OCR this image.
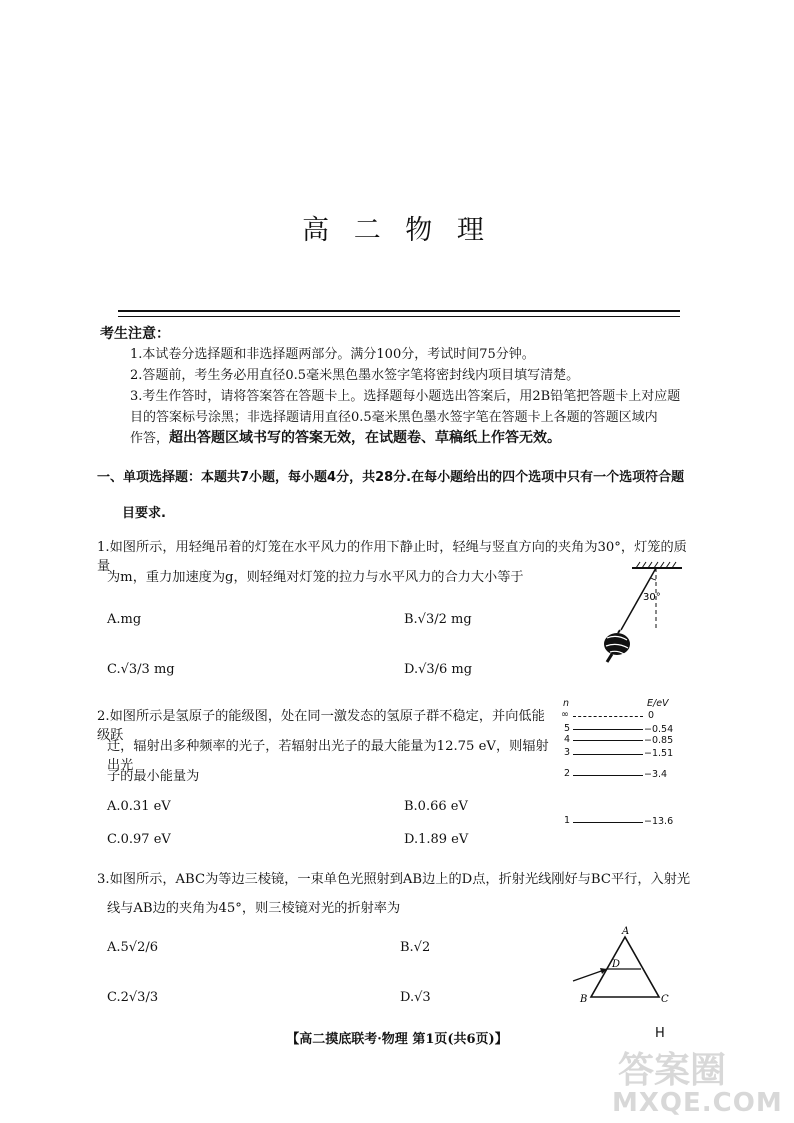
高 二 物 理
考生注意：
1.本试卷分选择题和非选择题两部分。满分100分，考试时间75分钟。
2.答题前，考生务必用直径0.5毫米黑色墨水签字笔将密封线内项目填写清楚。
3.考生作答时，请将答案答在答题卡上。选择题每小题选出答案后，用2B铅笔把答题卡上对应题
目的答案标号涂黑；非选择题请用直径0.5毫米黑色墨水签字笔在答题卡上各题的答题区域内
作答，超出答题区域书写的答案无效，在试题卷、草稿纸上作答无效。
一、单项选择题：本题共7小题，每小题4分，共28分.在每小题给出的四个选项中只有一个选项符合题
目要求.
1.如图所示，用轻绳吊着的灯笼在水平风力的作用下静止时，轻绳与竖直方向的夹角为30°，灯笼的质量
为m，重力加速度为g，则轻绳对灯笼的拉力与水平风力的合力大小等于
A.mg	B.√3/2 mg
C.√3/3 mg	D.√3/6 mg
30°
2.如图所示是氢原子的能级图，处在同一激发态的氢原子群不稳定，并向低能级跃
迁，辐射出多种频率的光子，若辐射出光子的最大能量为12.75 eV，则辐射出光
子的最小能量为
A.0.31 eV	B.0.66 eV
C.0.97 eV	D.1.89 eV
n	E/eV
∞	0
5	−0.54
4	−0.85
3	−1.51
2	−3.4
1	−13.6
3.如图所示，ABC为等边三棱镜，一束单色光照射到AB边上的D点，折射光线刚好与BC平行，入射光
线与AB边的夹角为45°，则三棱镜对光的折射率为
A.5√2/6	B.√2
C.2√3/3	D.√3
A
B	C
D
【高二摸底联考·物理 第1页(共6页)】	H
答案圈
MXQE.COM
